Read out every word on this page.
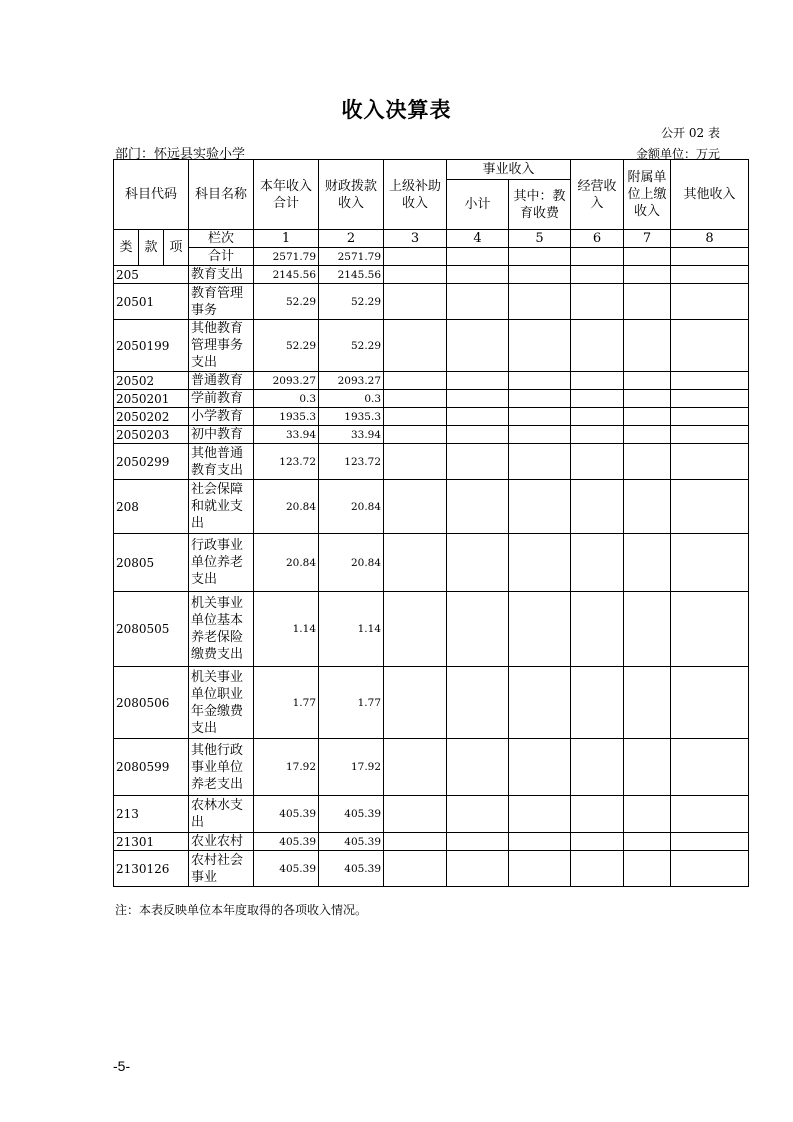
收入决算表
公开 02 表
部门：怀远县实验小学	金额单位：万元
科目代码			科目名称	本年收入合计	财政拨款收入	上级补助收入	事业收入		经营收入	附属单位上缴收入	其他收入
							小计	其中：教育收费			

类	款	项	栏次	1	2	3	4	5	6	7	8
			合计	2571.79	2571.79						
205			教育支出	2145.56	2145.56						
20501			教育管理事务	52.29	52.29						
2050199			其他教育管理事务支出	52.29	52.29						
20502			普通教育	2093.27	2093.27						
2050201			学前教育	0.3	0.3						
2050202			小学教育	1935.3	1935.3						
2050203			初中教育	33.94	33.94						
2050299			其他普通教育支出	123.72	123.72						
208			社会保障和就业支出	20.84	20.84						
20805			行政事业单位养老支出	20.84	20.84						
2080505			机关事业单位基本养老保险缴费支出	1.14	1.14						
2080506			机关事业单位职业年金缴费支出	1.77	1.77						
2080599			其他行政事业单位养老支出	17.92	17.92						
213			农林水支出	405.39	405.39						
21301			农业农村	405.39	405.39						
2130126			农村社会事业	405.39	405.39						
注：本表反映单位本年度取得的各项收入情况。
-5-
